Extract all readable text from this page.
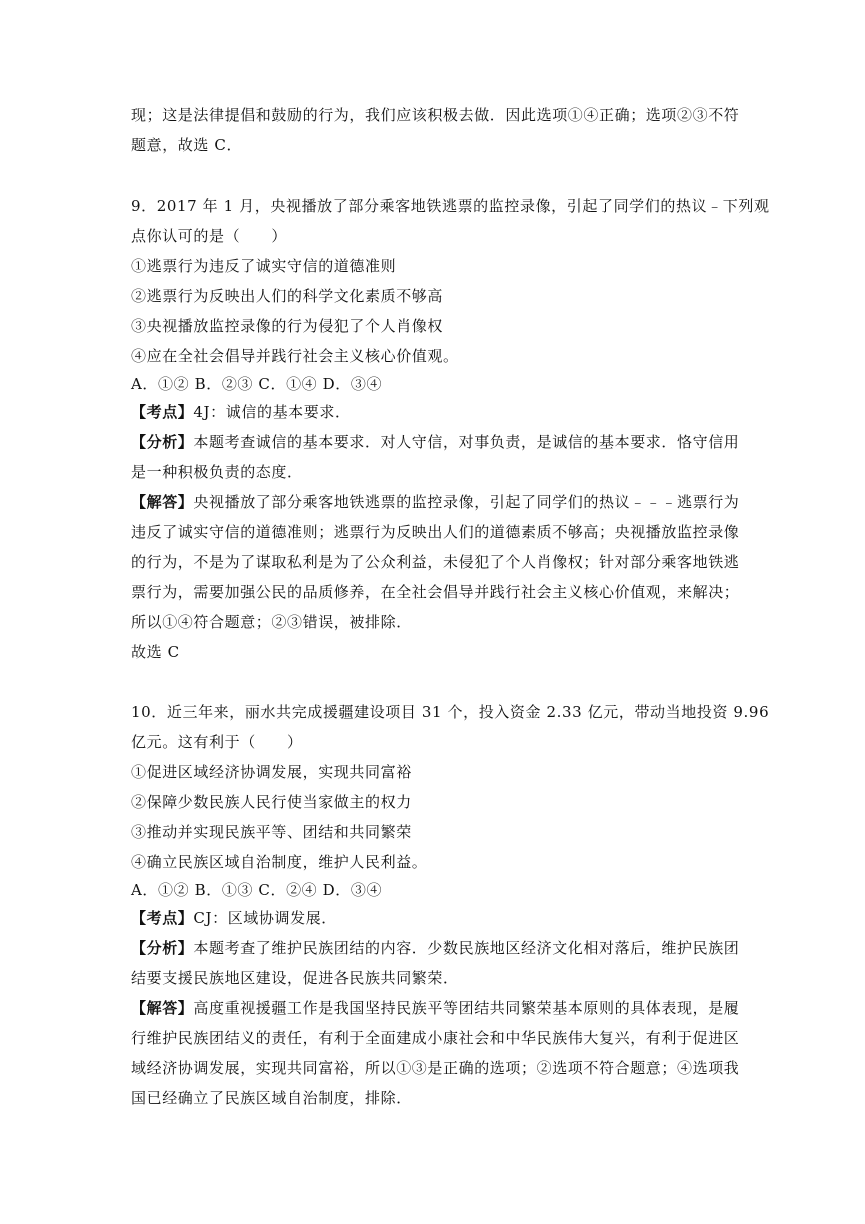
现；这是法律提倡和鼓励的行为，我们应该积极去做．因此选项①④正确；选项②③不符
题意，故选 C．
9．2017 年 1 月，央视播放了部分乘客地铁逃票的监控录像，引起了同学们的热议﹣下列观
点你认可的是（　　）
①逃票行为违反了诚实守信的道德准则
②逃票行为反映出人们的科学文化素质不够高
③央视播放监控录像的行为侵犯了个人肖像权
④应在全社会倡导并践行社会主义核心价值观。
A．①② B．②③ C．①④ D．③④
【考点】4J：诚信的基本要求．
【分析】本题考查诚信的基本要求．对人守信，对事负责，是诚信的基本要求．恪守信用
是一种积极负责的态度．
【解答】央视播放了部分乘客地铁逃票的监控录像，引起了同学们的热议﹣﹣﹣逃票行为
违反了诚实守信的道德准则；逃票行为反映出人们的道德素质不够高；央视播放监控录像
的行为，不是为了谋取私利是为了公众利益，未侵犯了个人肖像权；针对部分乘客地铁逃
票行为，需要加强公民的品质修养，在全社会倡导并践行社会主义核心价值观，来解决；
所以①④符合题意；②③错误，被排除．
故选 C
10．近三年来，丽水共完成援疆建设项目 31 个，投入资金 2.33 亿元，带动当地投资 9.96
亿元。这有利于（　　）
①促进区域经济协调发展，实现共同富裕
②保障少数民族人民行使当家做主的权力
③推动并实现民族平等、团结和共同繁荣
④确立民族区域自治制度，维护人民利益。
A．①② B．①③ C．②④ D．③④
【考点】CJ：区域协调发展．
【分析】本题考查了维护民族团结的内容．少数民族地区经济文化相对落后，维护民族团
结要支援民族地区建设，促进各民族共同繁荣．
【解答】高度重视援疆工作是我国坚持民族平等团结共同繁荣基本原则的具体表现，是履
行维护民族团结义的责任，有利于全面建成小康社会和中华民族伟大复兴，有利于促进区
域经济协调发展，实现共同富裕，所以①③是正确的选项；②选项不符合题意；④选项我
国已经确立了民族区域自治制度，排除．
